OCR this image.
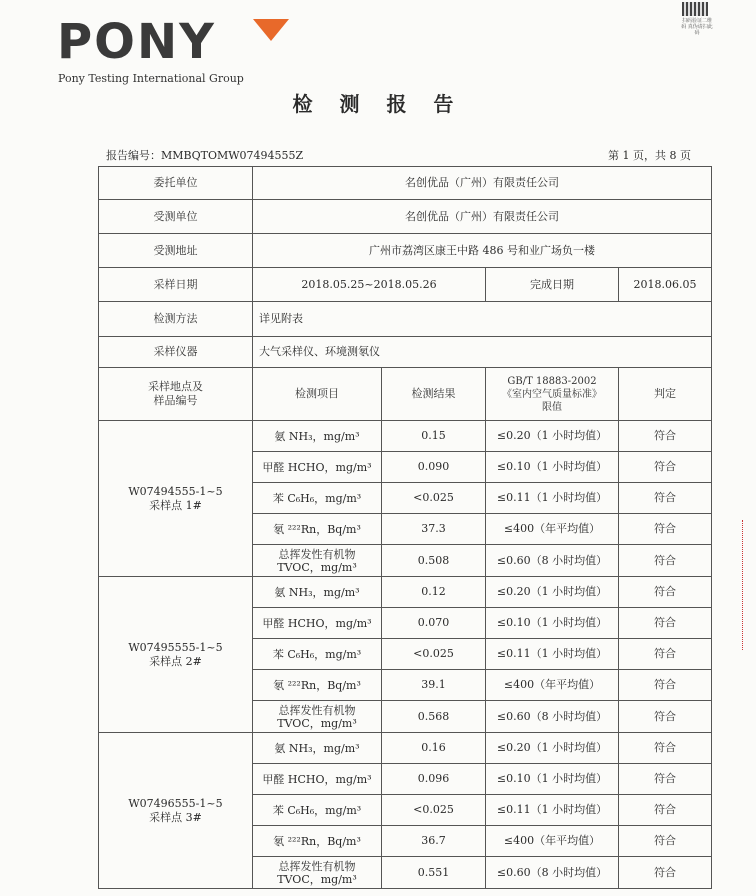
PONY
Pony Testing International Group
扫码验证二维码 真伪请扫此码
检 测 报 告
报告编号：MMBQTOMW07494555Z	第 1 页，共 8 页
委托单位	名创优品（广州）有限责任公司			
受测单位	名创优品（广州）有限责任公司			
受测地址	广州市荔湾区康王中路 486 号和业广场负一楼			
采样日期	2018.05.25~2018.05.26		完成日期	2018.06.05
检测方法	详见附表			
采样仪器	大气采样仪、环境测氡仪			
采样地点及
样品编号	检测项目	检测结果	GB/T 18883-2002
《室内空气质量标准》
限值	判定
W07494555-1~5
采样点 1#	氨 NH₃，mg/m³	0.15	≤0.20（1 小时均值）	符合
	甲醛 HCHO，mg/m³	0.090	≤0.10（1 小时均值）	符合
	苯 C₆H₆，mg/m³	<0.025	≤0.11（1 小时均值）	符合
	氡 ²²²Rn，Bq/m³	37.3	≤400（年平均值）	符合
	总挥发性有机物
TVOC，mg/m³	0.508	≤0.60（8 小时均值）	符合
W07495555-1~5
采样点 2#	氨 NH₃，mg/m³	0.12	≤0.20（1 小时均值）	符合
	甲醛 HCHO，mg/m³	0.070	≤0.10（1 小时均值）	符合
	苯 C₆H₆，mg/m³	<0.025	≤0.11（1 小时均值）	符合
	氡 ²²²Rn，Bq/m³	39.1	≤400（年平均值）	符合
	总挥发性有机物
TVOC，mg/m³	0.568	≤0.60（8 小时均值）	符合
W07496555-1~5
采样点 3#	氨 NH₃，mg/m³	0.16	≤0.20（1 小时均值）	符合
	甲醛 HCHO，mg/m³	0.096	≤0.10（1 小时均值）	符合
	苯 C₆H₆，mg/m³	<0.025	≤0.11（1 小时均值）	符合
	氡 ²²²Rn，Bq/m³	36.7	≤400（年平均值）	符合
	总挥发性有机物
TVOC，mg/m³	0.551	≤0.60（8 小时均值）	符合
